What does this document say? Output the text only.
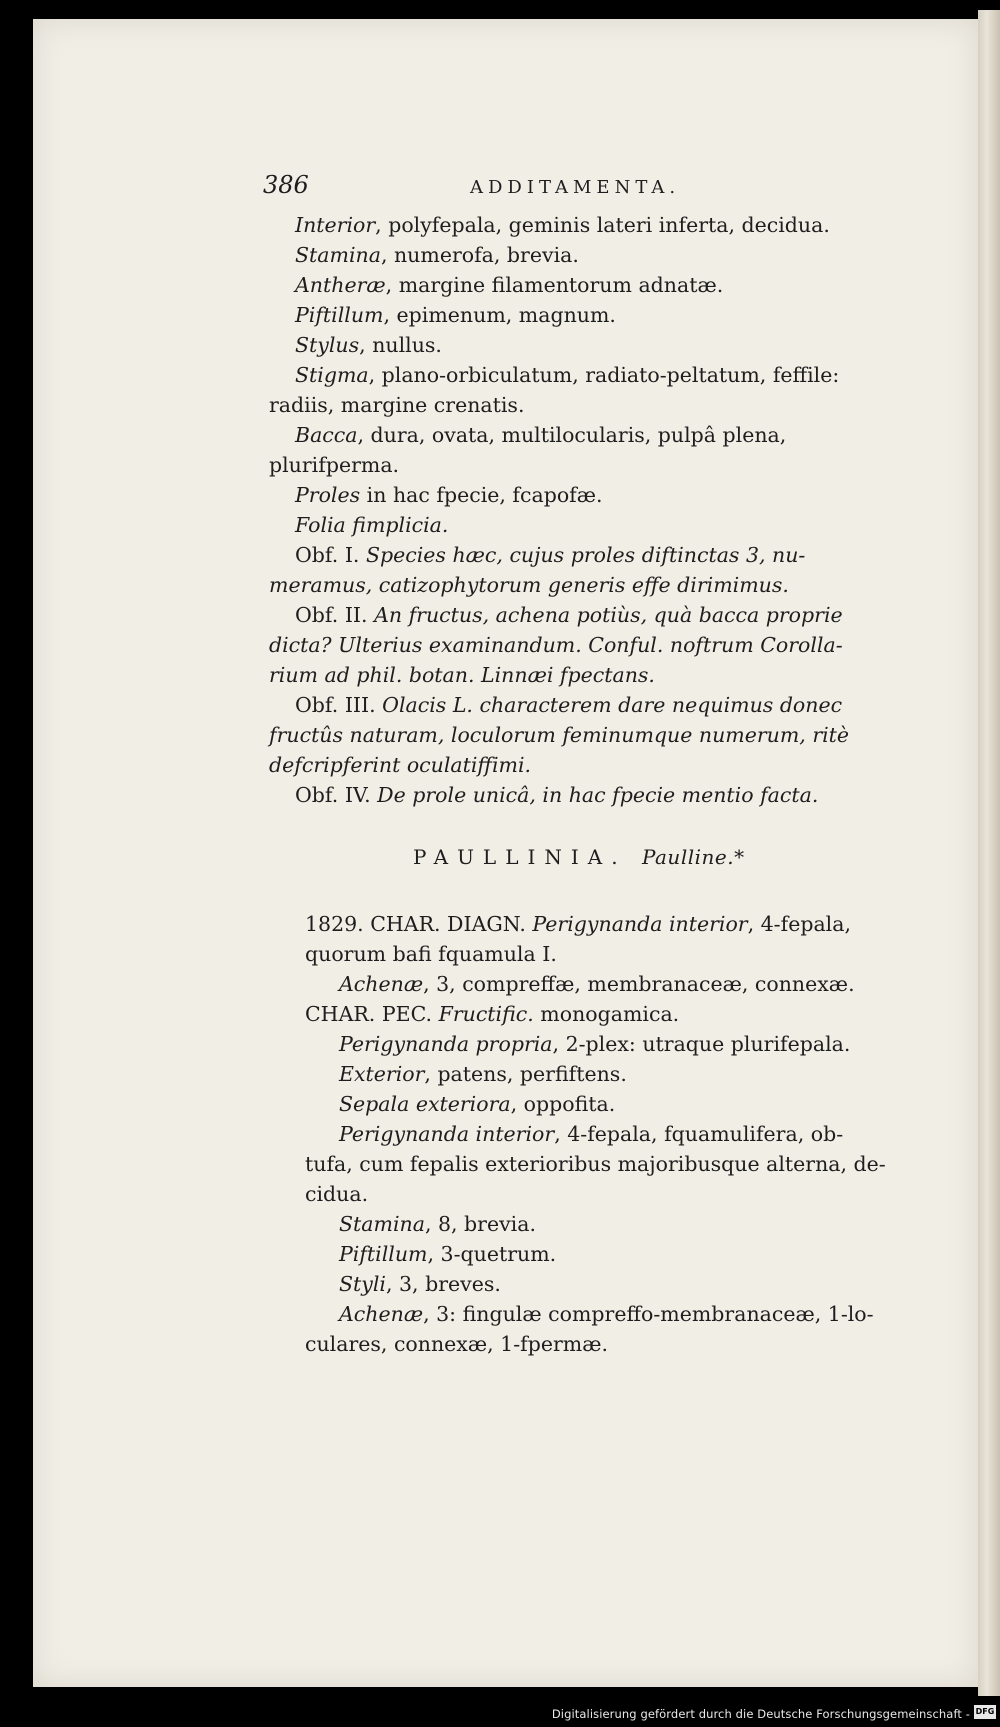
386	ADDITAMENTA.
Interior, polyfepala, geminis lateri inferta, decidua.
Stamina, numerofa, brevia.
Antheræ, margine filamentorum adnatæ.
Piftillum, epimenum, magnum.
Stylus, nullus.
Stigma, plano-orbiculatum, radiato-peltatum, feffile:
radiis, margine crenatis.
Bacca, dura, ovata, multilocularis, pulpâ plena,
plurifperma.
Proles in hac fpecie, fcapofæ.
Folia fimplicia.
Obf. I. Species hæc, cujus proles diftinctas 3, nu-
meramus, catizophytorum generis effe dirimimus.
Obf. II. An fructus, achena potiùs, quà bacca proprie
dicta? Ulterius examinandum. Conful. noftrum Corolla-
rium ad phil. botan. Linnæi fpectans.
Obf. III. Olacis L. characterem dare nequimus donec
fructûs naturam, loculorum feminumque numerum, ritè
defcripferint oculatiffimi.
Obf. IV. De prole unicâ, in hac fpecie mentio facta.
PAULLINIA. Paulline.*
1829. CHAR. DIAGN. Perigynanda interior, 4-fepala,
quorum bafi fquamula I.
Achenæ, 3, compreffæ, membranaceæ, connexæ.
CHAR. PEC. Fructific. monogamica.
Perigynanda propria, 2-plex: utraque plurifepala.
Exterior, patens, perfiftens.
Sepala exteriora, oppofita.
Perigynanda interior, 4-fepala, fquamulifera, ob-
tufa, cum fepalis exterioribus majoribusque alterna, de-
cidua.
Stamina, 8, brevia.
Piftillum, 3-quetrum.
Styli, 3, breves.
Achenæ, 3: fingulæ compreffo-membranaceæ, 1-lo-
culares, connexæ, 1-fpermæ.
Digitalisierung gefördert durch die Deutsche Forschungsgemeinschaft - DFG
